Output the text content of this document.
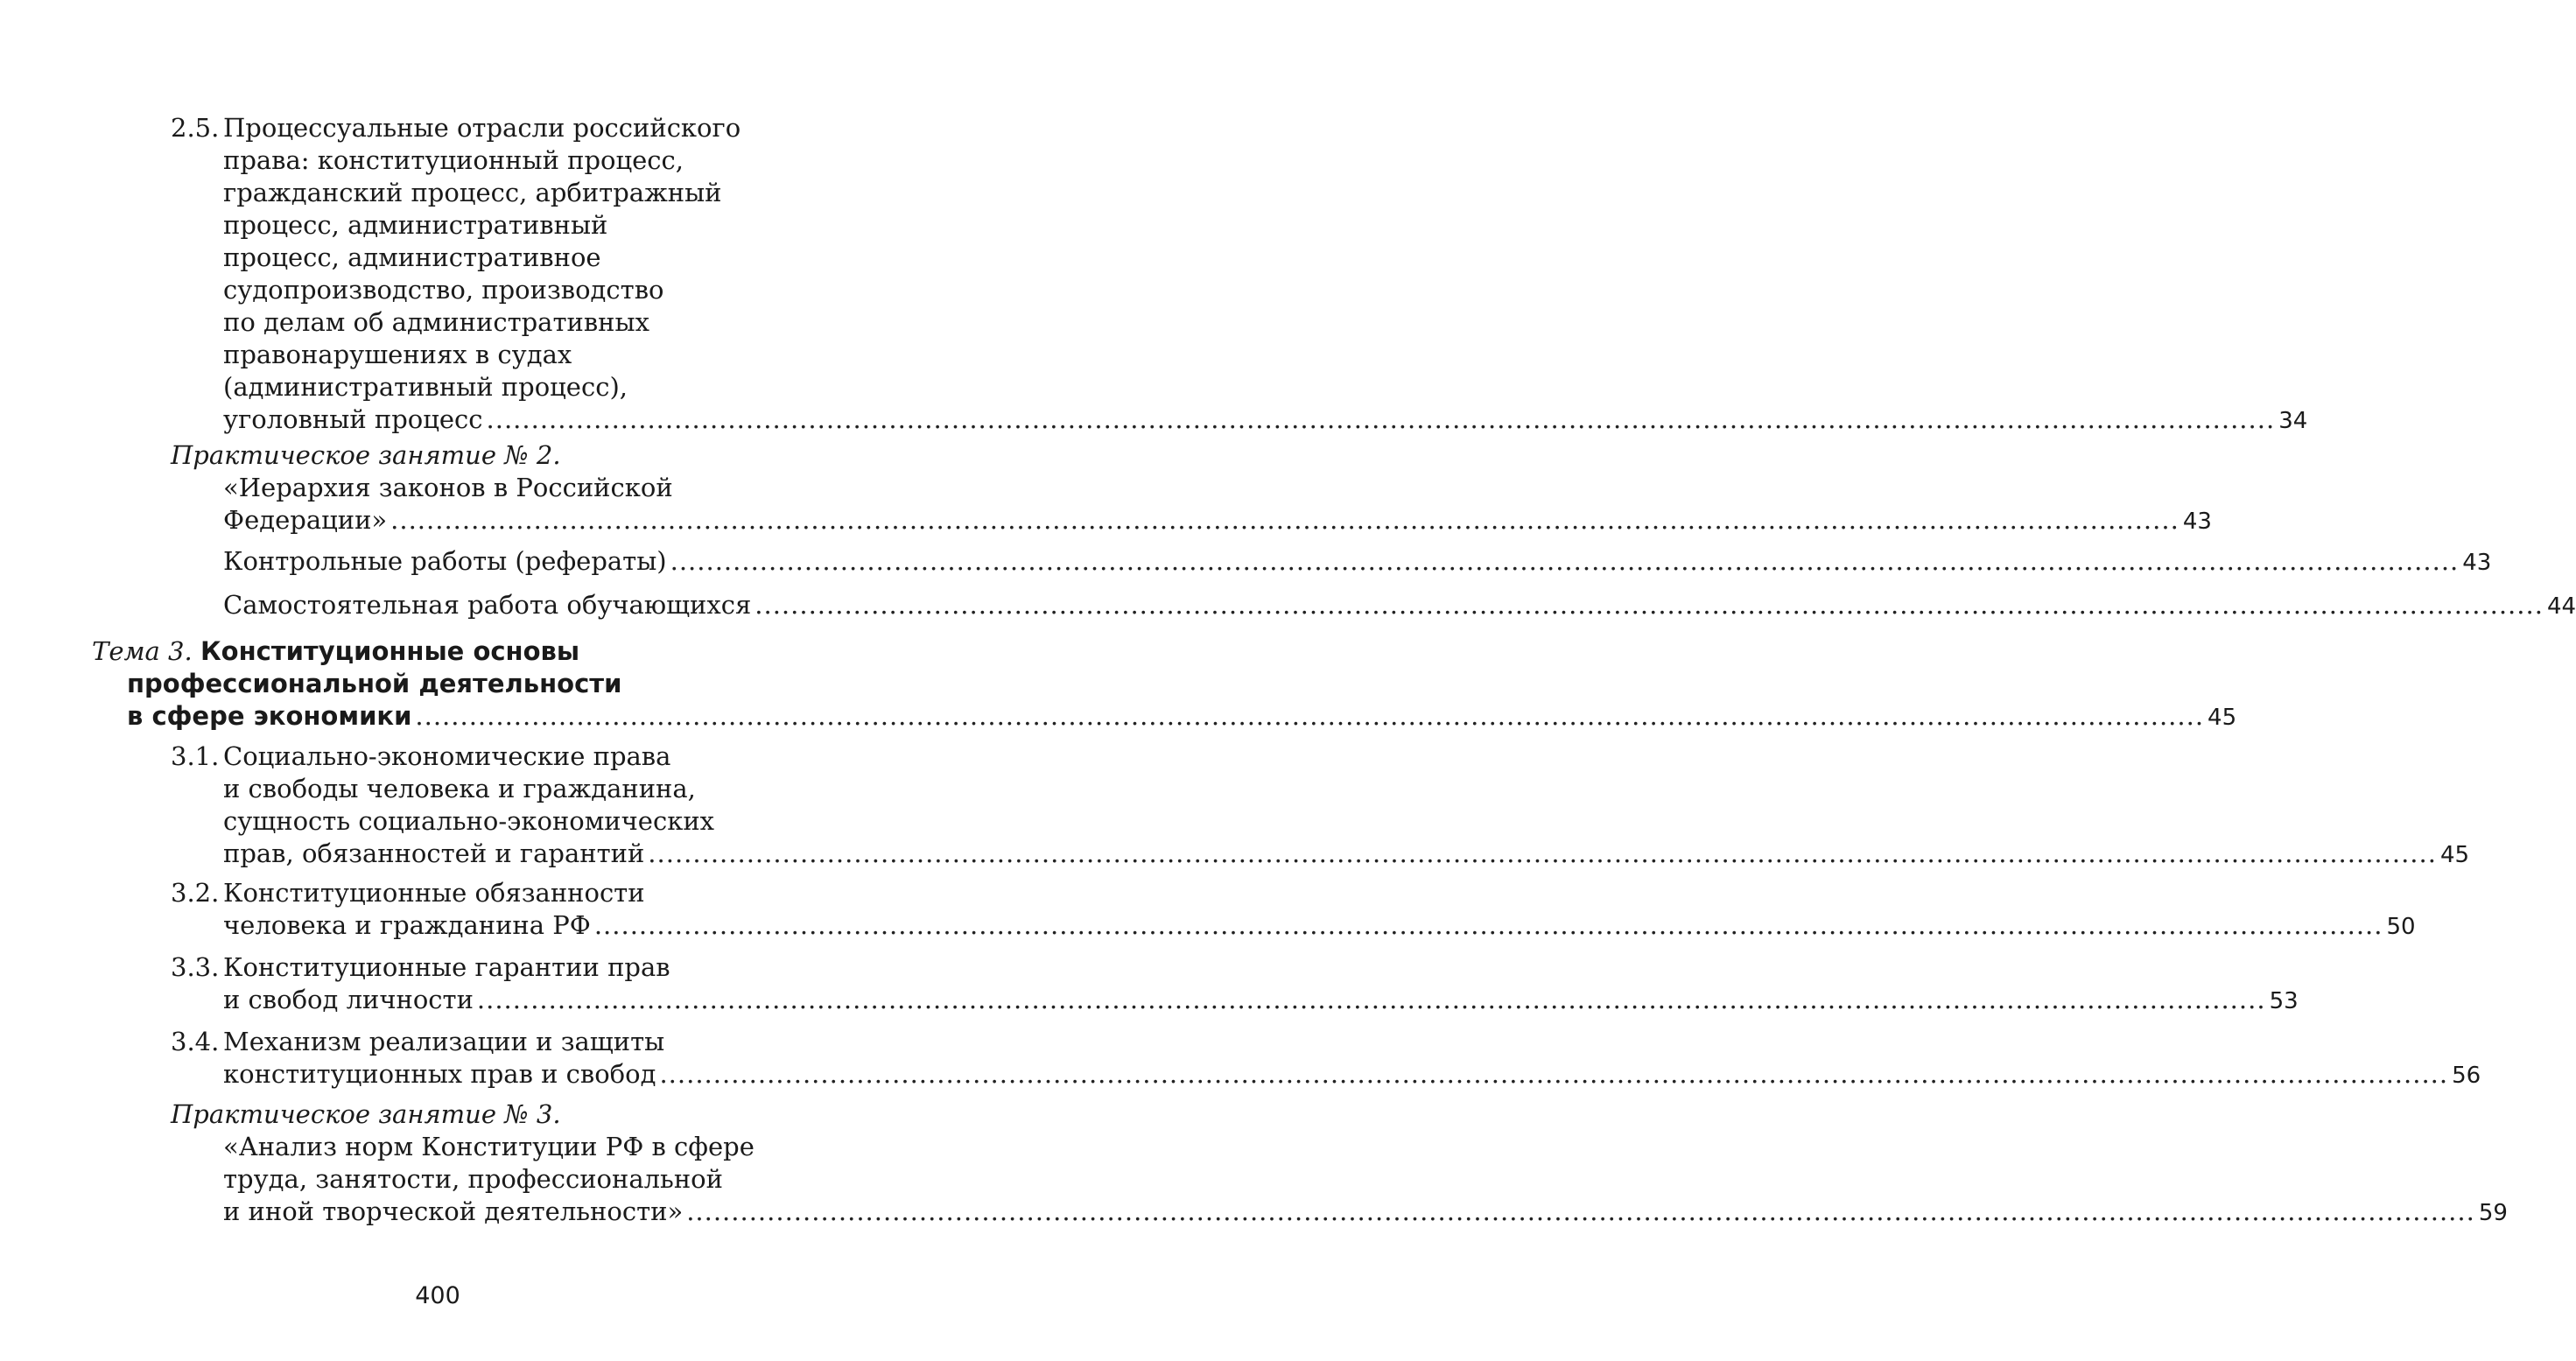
2.5. Процессуальные отрасли российского
права: конституционный процесс,
гражданский процесс, арбитражный
процесс, административный
процесс, административное
судопроизводство, производство
по делам об административных
правонарушениях в судах
(административный процесс),
уголовный процесс ........................................................................................................................................................................................................ 34
Практическое занятие № 2.
«Иерархия законов в Российской
Федерации» ........................................................................................................................................................................................................ 43
Контрольные работы (рефераты) ........................................................................................................................................................................................................ 43
Самостоятельная работа обучающихся ........................................................................................................................................................................................................ 44
Тема 3. Конституционные основы
профессиональной деятельности
в сфере экономики ........................................................................................................................................................................................................ 45
3.1. Социально-экономические права
и свободы человека и гражданина,
сущность социально-экономических
прав, обязанностей и гарантий ........................................................................................................................................................................................................ 45
3.2. Конституционные обязанности
человека и гражданина РФ ........................................................................................................................................................................................................ 50
3.3. Конституционные гарантии прав
и свобод личности ........................................................................................................................................................................................................ 53
3.4. Механизм реализации и защиты
конституционных прав и свобод ........................................................................................................................................................................................................ 56
Практическое занятие № 3.
«Анализ норм Конституции РФ в сфере
труда, занятости, профессиональной
и иной творческой деятельности» ........................................................................................................................................................................................................ 59
400
